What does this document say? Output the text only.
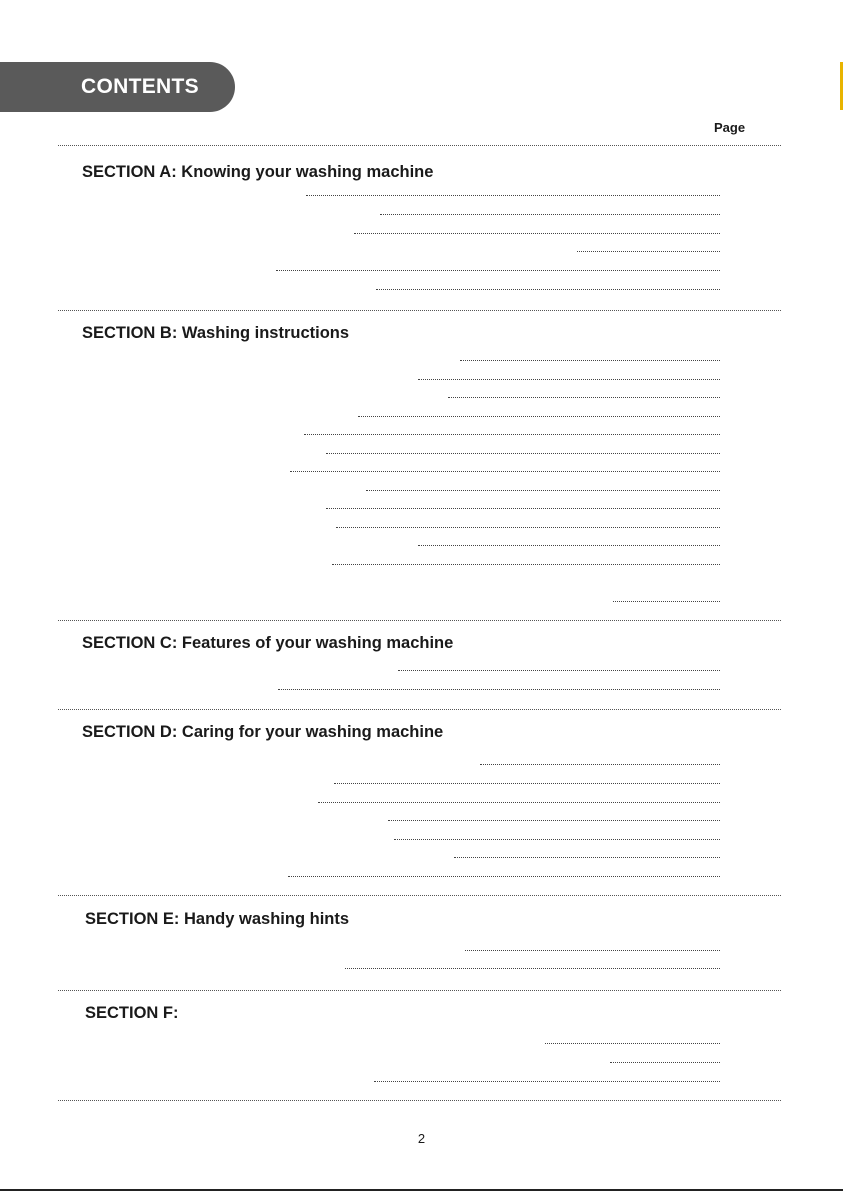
CONTENTS
Page
SECTION A: Knowing your washing machine
SECTION B: Washing instructions
SECTION C: Features of your washing machine
SECTION D: Caring for your washing machine
SECTION E: Handy washing hints
SECTION F:
2
